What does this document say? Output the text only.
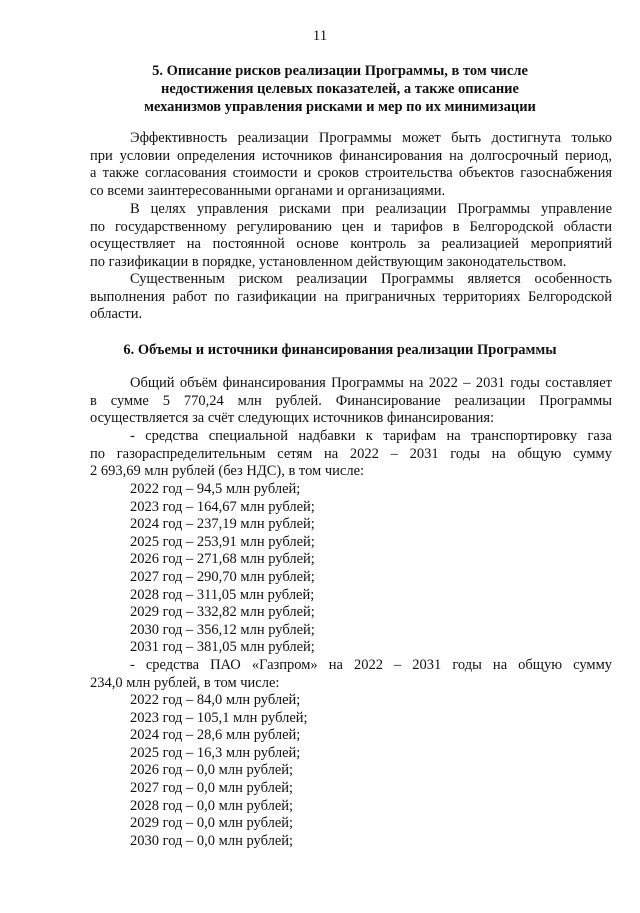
11
5. Описание рисков реализации Программы, в том числе
недостижения целевых показателей, а также описание
механизмов управления рисками и мер по их минимизации
Эффективность реализации Программы может быть достигнута только
при условии определения источников финансирования на долгосрочный период,
а также согласования стоимости и сроков строительства объектов газоснабжения
со всеми заинтересованными органами и организациями.
В целях управления рисками при реализации Программы управление
по государственному регулированию цен и тарифов в Белгородской области
осуществляет на постоянной основе контроль за реализацией мероприятий
по газификации в порядке, установленном действующим законодательством.
Существенным риском реализации Программы является особенность
выполнения работ по газификации на приграничных территориях Белгородской
области.
6. Объемы и источники финансирования реализации Программы
Общий объём финансирования Программы на 2022 – 2031 годы составляет
в сумме 5 770,24 млн рублей. Финансирование реализации Программы
осуществляется за счёт следующих источников финансирования:
- средства специальной надбавки к тарифам на транспортировку газа
по газораспределительным сетям на 2022 – 2031 годы на общую сумму
2 693,69 млн рублей (без НДС), в том числе:
2022 год – 94,5 млн рублей;
2023 год – 164,67 млн рублей;
2024 год – 237,19 млн рублей;
2025 год – 253,91 млн рублей;
2026 год – 271,68 млн рублей;
2027 год – 290,70 млн рублей;
2028 год – 311,05 млн рублей;
2029 год – 332,82 млн рублей;
2030 год – 356,12 млн рублей;
2031 год – 381,05 млн рублей;
- средства ПАО «Газпром» на 2022 – 2031 годы на общую сумму
234,0 млн рублей, в том числе:
2022 год – 84,0 млн рублей;
2023 год – 105,1 млн рублей;
2024 год – 28,6 млн рублей;
2025 год – 16,3 млн рублей;
2026 год – 0,0 млн рублей;
2027 год – 0,0 млн рублей;
2028 год – 0,0 млн рублей;
2029 год – 0,0 млн рублей;
2030 год – 0,0 млн рублей;
